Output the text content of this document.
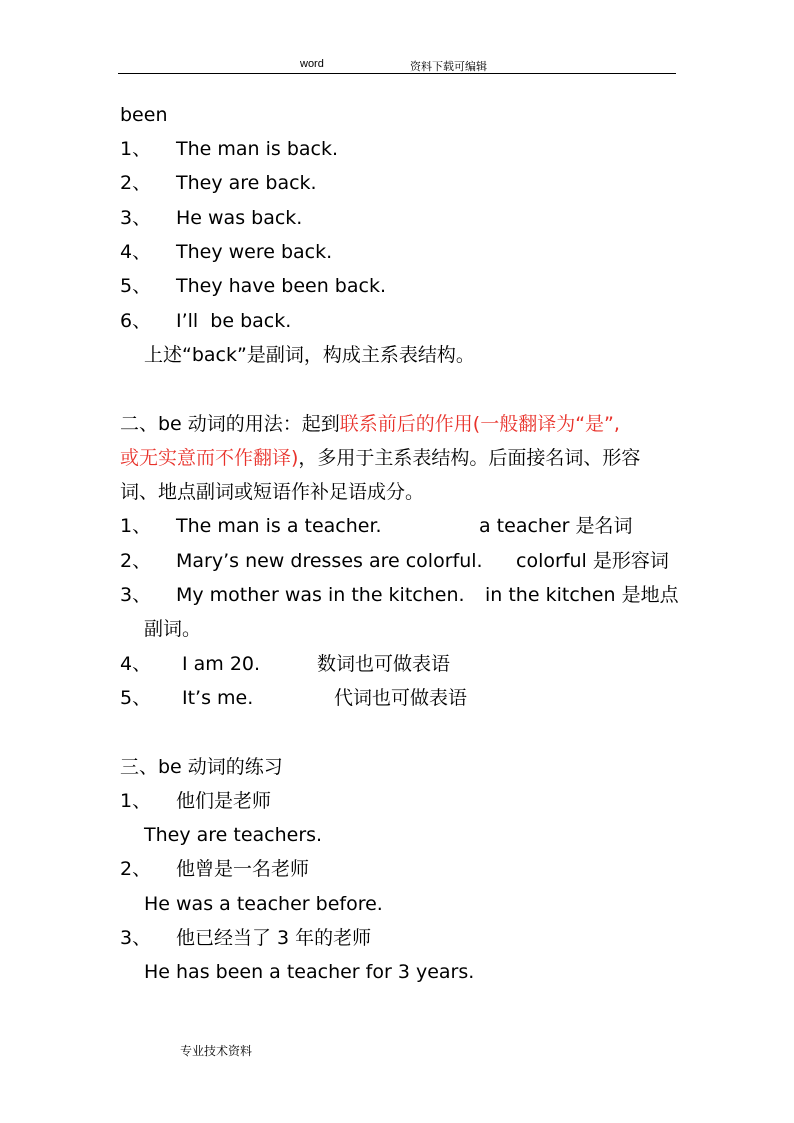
word	资料下载可编辑
been
1、 The man is back.
2、 They are back.
3、 He was back.
4、 They were back.
5、 They have been back.
6、 I’ll  be back.
上述“back”是副词，构成主系表结构。
二、be 动词的用法：起到联系前后的作用(一般翻译为“是”,
或无实意而不作翻译)，多用于主系表结构。后面接名词、形容
词、地点副词或短语作补足语成分。
1、 The man is a teacher.	a teacher 是名词
2、 Mary’s new dresses are colorful. colorful 是形容词
3、 My mother was in the kitchen. in the kitchen 是地点
副词。
4、 I am 20.	数词也可做表语
5、 It’s me.	代词也可做表语
三、be 动词的练习
1、 他们是老师
They are teachers.
2、 他曾是一名老师
He was a teacher before.
3、 他已经当了 3 年的老师
He has been a teacher for 3 years.
专业技术资料
